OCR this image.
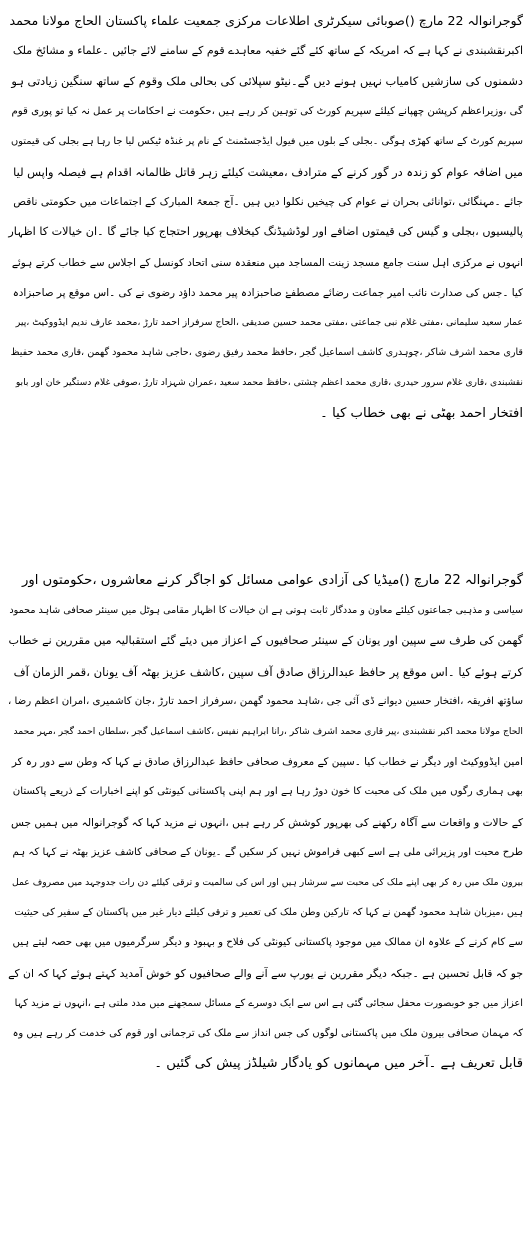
گوجرانوالہ 22 مارچ ()صوبائی سیکرٹری اطلاعات مرکزی جمعیت علماء پاکستان الحاج مولانا محمد

اکبرنقشبندی نے کہا ہے کہ امریکہ کے ساتھ کئے گئے خفیہ معاہدے قوم کے سامنے لائے جائیں ۔علماء و مشائخ ملک

دشمنوں کی سازشیں کامیاب نہیں ہونے دیں گے۔نیٹو سپلائی کی بحالی ملک وقوم کے ساتھ سنگین زیادتی ہو

گی ،وزیراعظم کرپشن چھپانے کیلئے سپریم کورٹ کی توہین کر رہے ہیں ،حکومت نے احکامات پر عمل نہ کیا تو پوری قوم

سپریم کورٹ کے ساتھ کھڑی ہوگی ۔بجلی کے بلوں میں فیول ایڈجسٹمنٹ کے نام پر غنڈہ ٹیکس لیا جا رہا ہے بجلی کی قیمتوں

میں اضافہ عوام کو زندہ در گور کرنے کے مترادف ،معیشت کیلئے زہر قاتل ظالمانہ اقدام ہے فیصلہ واپس لیا

جائے ۔مہنگائی ،توانائی بحران نے عوام کی چیخیں نکلوا دیں ہیں ۔آج جمعۃ المبارک کے اجتماعات میں حکومتی ناقص

پالیسیوں ،بجلی و گیس کی قیمتوں اضافے اور لوڈشیڈنگ کیخلاف بھرپور احتجاج کیا جائے گا ۔ان خیالات کا اظہار

انہوں نے مرکزی اہل سنت جامع مسجد زینت المساجد میں منعقدہ سنی اتحاد کونسل کے اجلاس سے خطاب کرتے ہوئے

کیا ۔جس کی صدارت نائب امیر جماعت رضائے مصطفےٰ صاحبزادہ پیر محمد داؤد رضوی نے کی ۔اس موقع پر صاحبزادہ

عمار سعید سلیمانی ،مفتی غلام نبی جماعتی ،مفتی محمد حسین صدیقی ،الحاج سرفراز احمد تارڑ ،محمد عارف ندیم ایڈووکیٹ ،پیر

قاری محمد اشرف شاکر ،چوہدری کاشف اسماعیل گجر ،حافظ محمد رفیق رضوی ،حاجی شاہد محمود گھمن ،قاری محمد حفیظ

نقشبندی ،قاری غلام سرور حیدری ،قاری محمد اعظم چشتی ،حافظ محمد سعید ،عمران شہزاد تارڑ ،صوفی غلام دستگیر خان اور بابو

افتخار احمد بھٹی نے بھی خطاب کیا ۔

گوجرانوالہ 22 مارچ ()میڈیا کی آزادی عوامی مسائل کو اجاگر کرنے معاشروں ،حکومتوں اور

سیاسی و مذہبی جماعتوں کیلئے معاون و مددگار ثابت ہوتی ہے ان خیالات کا اظہار مقامی ہوٹل میں سینئر صحافی شاہد محمود

گھمن کی طرف سے سپین اور یونان کے سینئر صحافیوں کے اعزاز میں دیئے گئے استقبالیہ میں مقررین نے خطاب

کرتے ہوئے کیا ۔اس موقع پر حافظ عبدالرزاق صادق آف سپین ،کاشف عزیز بھٹہ آف یونان ،قمر الزمان آف

ساؤتھ افریقہ ،افتخار حسین دیوانے ڈی آئی جی ،شاہد محمود گھمن ،سرفراز احمد تارڑ ،جان کاشمیری ،امران اعظم رضا ،

الحاج مولانا محمد اکبر نقشبندی ،پیر قاری محمد اشرف شاکر ،رانا ابراہیم نفیس ،کاشف اسماعیل گجر ،سلطان احمد گجر ،مہر محمد

امین ایڈووکیٹ اور دیگر نے خطاب کیا ۔سپین کے معروف صحافی حافظ عبدالرزاق صادق نے کہا کہ وطن سے دور رہ کر

بھی ہماری رگوں میں ملک کی محبت کا خون دوڑ رہا ہے اور ہم اپنی پاکستانی کیونٹی کو اپنے اخبارات کے ذریعے پاکستان

کے حالات و واقعات سے آگاہ رکھنے کی بھرپور کوشش کر رہے ہیں ،انہوں نے مزید کہا کہ گوجرانوالہ میں ہمیں جس

طرح محبت اور پزیرائی ملی ہے اسے کبھی فراموش نہیں کر سکیں گے ۔یونان کے صحافی کاشف عزیز بھٹہ نے کہا کہ ہم

بیرون ملک میں رہ کر بھی اپنے ملک کی محبت سے سرشار ہیں اور اس کی سالمیت و ترقی کیلئے دن رات جدوجہد میں مصروف عمل

ہیں ،میزبان شاہد محمود گھمن نے کہا کہ تارکین وطن ملک کی تعمیر و ترقی کیلئے دیار غیر میں پاکستان کے سفیر کی حیثیت

سے کام کرنے کے علاوہ ان ممالک میں موجود پاکستانی کیونٹی کی فلاح و بہبود و دیگر سرگرمیوں میں بھی حصہ لیتے ہیں

جو کہ قابل تحسین ہے ۔جبکہ دیگر مقررین نے یورپ سے آنے والے صحافیوں کو خوش آمدید کہتے ہوئے کہا کہ ان کے

اعزاز میں جو خوبصورت محفل سجائی گئی ہے اس سے ایک دوسرے کے مسائل سمجھنے میں مدد ملتی ہے ،انہوں نے مزید کہا

کہ مہمان صحافی بیرون ملک میں پاکستانی لوگوں کی جس انداز سے ملک کی ترجمانی اور قوم کی خدمت کر رہے ہیں وہ

قابل تعریف ہے ۔آخر میں مہمانوں کو یادگار شیلڈز پیش کی گئیں ۔
